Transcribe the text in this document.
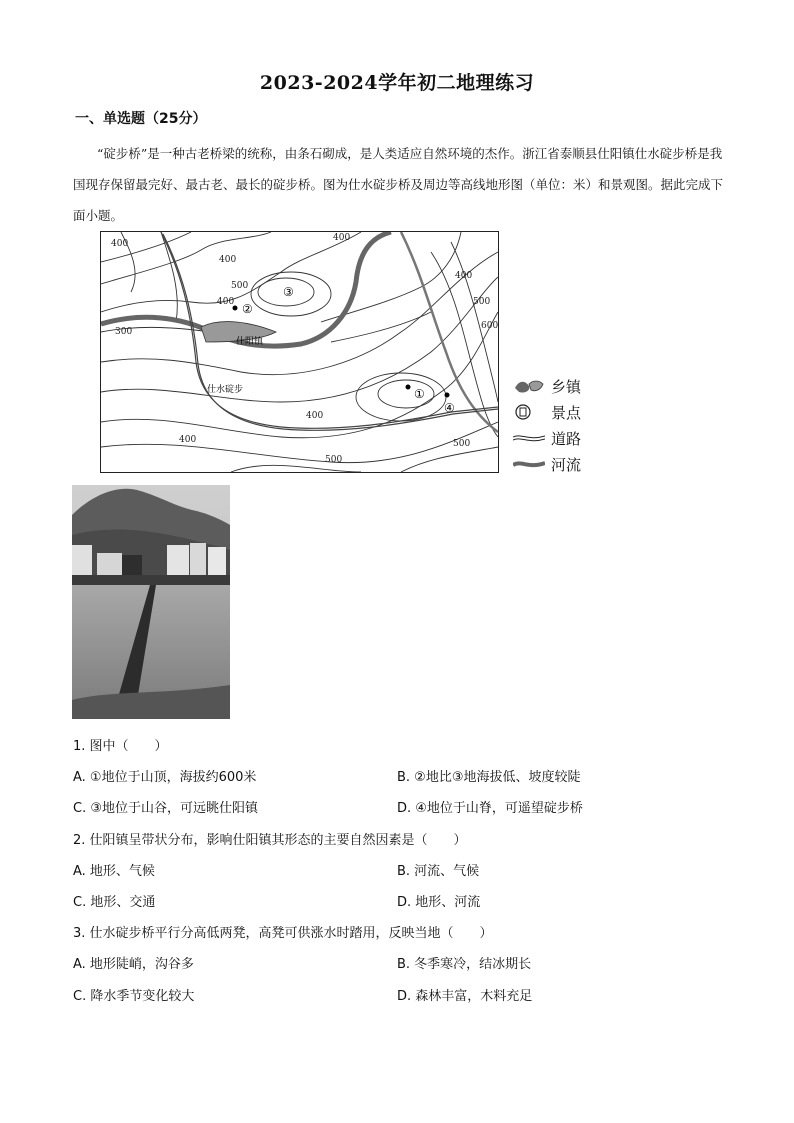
2023-2024学年初二地理练习
一、单选题（25分）
“碇步桥”是一种古老桥梁的统称，由条石砌成，是人类适应自然环境的杰作。浙江省泰顺县仕阳镇仕水碇步桥是我国现存保留最完好、最古老、最长的碇步桥。图为仕水碇步桥及周边等高线地形图（单位：米）和景观图。据此完成下面小题。
③
②
①
④
仕阳镇
仕水碇步
400
400
500
400
300
400
400
500
600
400
400
500
500
乡镇
景点
道路
河流
1. 图中（　　）
A. ①地位于山顶，海拔约600米	B. ②地比③地海拔低、坡度较陡
C. ③地位于山谷，可远眺仕阳镇	D. ④地位于山脊，可遥望碇步桥
2. 仕阳镇呈带状分布，影响仕阳镇其形态的主要自然因素是（　　）
A. 地形、气候	B. 河流、气候
C. 地形、交通	D. 地形、河流
3. 仕水碇步桥平行分高低两凳，高凳可供涨水时踏用，反映当地（　　）
A. 地形陡峭，沟谷多	B. 冬季寒冷，结冰期长
C. 降水季节变化较大	D. 森林丰富，木料充足
